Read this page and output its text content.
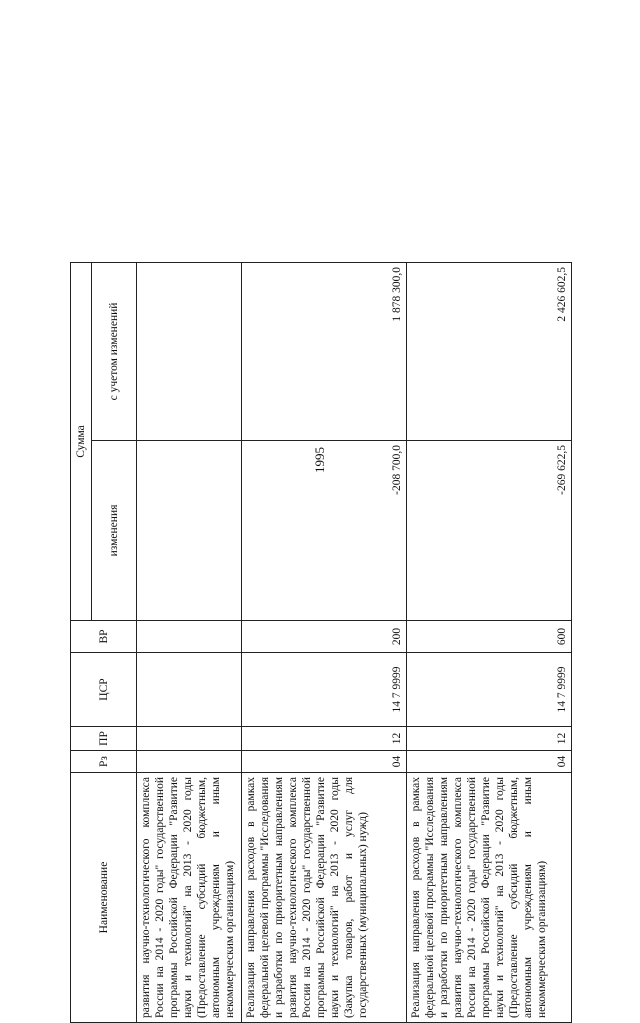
1995
Наименование	Рз	ПР	ЦСР	ВР	Сумма	
					изменения	с учетом изменений
развития научно-технологического комплекса России на 2014 - 2020 годы" государственной программы Российской Федерации "Развитие науки и технологий" на 2013 - 2020 годы (Предоставление субсидий бюджетным, автономным учреждениям и иным некоммерческим организациям)						
Реализация направления расходов в рамках федеральной целевой программы "Исследования и разработки по приоритетным направлениям развития научно-технологического комплекса России на 2014 - 2020 годы" государственной программы Российской Федерации "Развитие науки и технологий" на 2013 - 2020 годы (Закупка товаров, работ и услуг для государственных (муниципальных) нужд)	04	12	14 7 9999	200	-208 700,0	1 878 300,0
Реализация направления расходов в рамках федеральной целевой программы "Исследования и разработки по приоритетным направлениям развития научно-технологического комплекса России на 2014 - 2020 годы" государственной программы Российской Федерации "Развитие науки и технологий" на 2013 - 2020 годы (Предоставление субсидий бюджетным, автономным учреждениям и иным некоммерческим организациям)	04	12	14 7 9999	600	-269 622,5	2 426 602,5
